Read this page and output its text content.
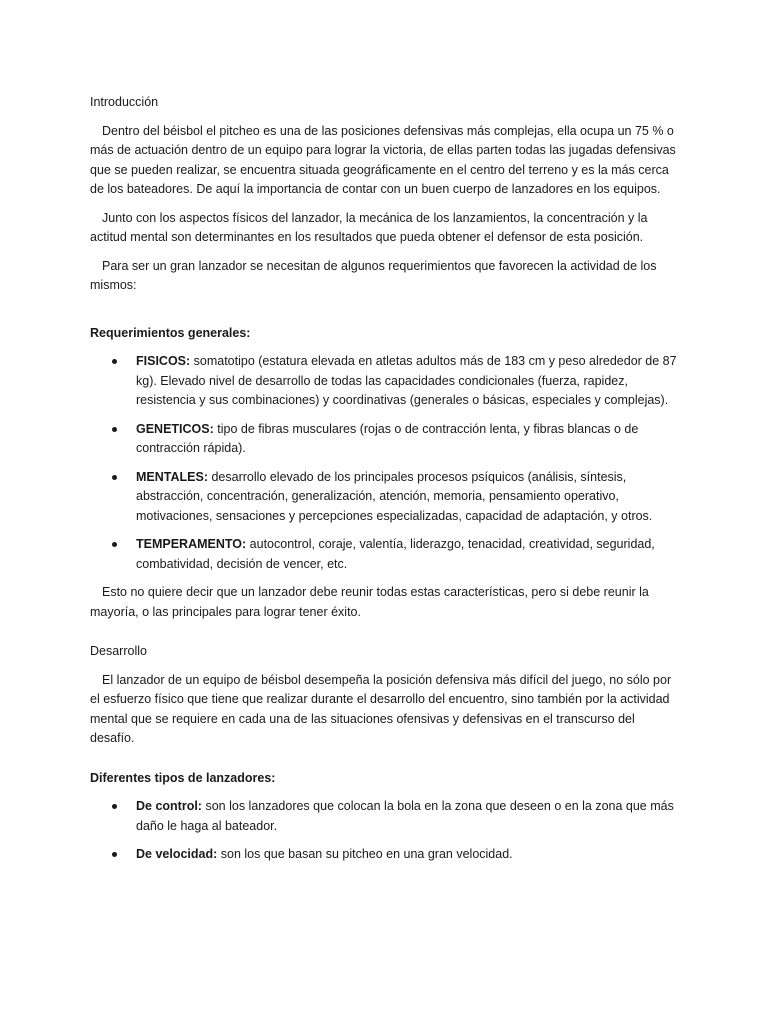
Introducción

Dentro del béisbol el pitcheo es una de las posiciones defensivas más complejas, ella ocupa un 75 % o más de actuación dentro de un equipo para lograr la victoria, de ellas parten todas las jugadas defensivas que se pueden realizar, se encuentra situada geográficamente en el centro del terreno y es la más cerca de los bateadores. De aquí la importancia de contar con un buen cuerpo de lanzadores en los equipos.

Junto con los aspectos físicos del lanzador, la mecánica de los lanzamientos, la concentración y la actitud mental son determinantes en los resultados que pueda obtener el defensor de esta posición.

Para ser un gran lanzador se necesitan de algunos requerimientos que favorecen la actividad de los mismos:

Requerimientos generales:
FISICOS: somatotipo (estatura elevada en atletas adultos más de 183 cm y peso alrededor de 87 kg). Elevado nivel de desarrollo de todas las capacidades condicionales (fuerza, rapidez, resistencia y sus combinaciones) y coordinativas (generales o básicas, especiales y complejas).
GENETICOS: tipo de fibras musculares (rojas o de contracción lenta, y fibras blancas o de contracción rápida).
MENTALES: desarrollo elevado de los principales procesos psíquicos (análisis, síntesis, abstracción, concentración, generalización, atención, memoria, pensamiento operativo, motivaciones, sensaciones y percepciones especializadas, capacidad de adaptación, y otros.
TEMPERAMENTO: autocontrol, coraje, valentía, liderazgo, tenacidad, creatividad, seguridad, combatividad, decisión de vencer, etc.

Esto no quiere decir que un lanzador debe reunir todas estas características, pero si debe reunir la mayoría, o las principales para lograr tener éxito.

Desarrollo

El lanzador de un equipo de béisbol desempeña la posición defensiva más difícil del juego, no sólo por el esfuerzo físico que tiene que realizar durante el desarrollo del encuentro, sino también por la actividad mental que se requiere en cada una de las situaciones ofensivas y defensivas en el transcurso del desafío.

Diferentes tipos de lanzadores:
De control: son los lanzadores que colocan la bola en la zona que deseen o en la zona que más daño le haga al bateador.
De velocidad: son los que basan su pitcheo en una gran velocidad.
